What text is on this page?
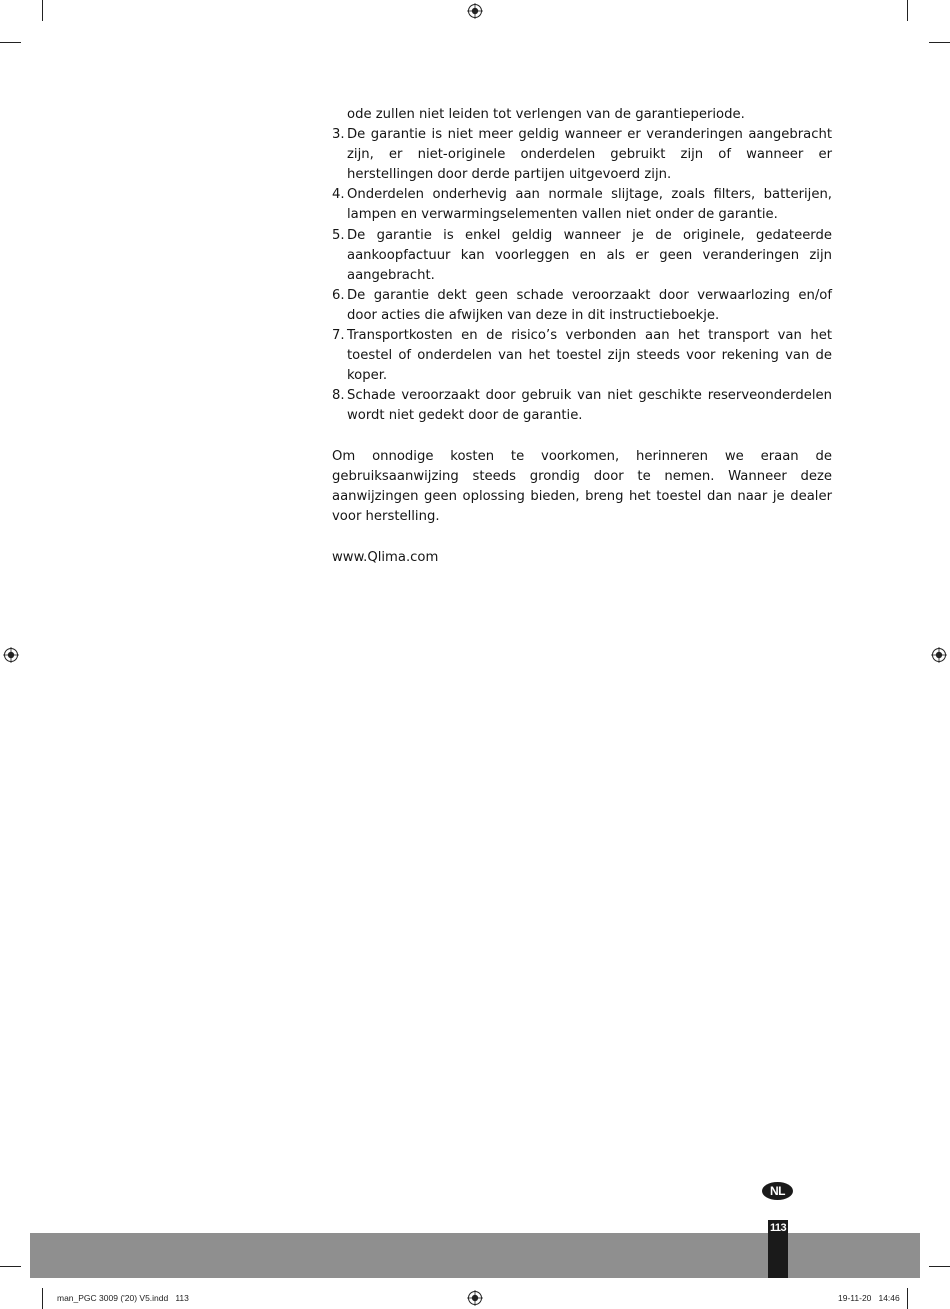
ode zullen niet leiden tot verlengen van de garantieperiode.

3. De garantie is niet meer geldig wanneer er veranderingen aangebracht zijn, er niet-originele onderdelen gebruikt zijn of wanneer er herstellingen door derde partijen uitgevoerd zijn.
4. Onderdelen onderhevig aan normale slijtage, zoals filters, batterijen, lampen en verwarmingselementen vallen niet onder de garantie.
5. De garantie is enkel geldig wanneer je de originele, gedateerde aankoopfactuur kan voorleggen en als er geen veranderingen zijn aangebracht.
6. De garantie dekt geen schade veroorzaakt door verwaarlozing en/of door acties die afwijken van deze in dit instructieboekje.
7. Transportkosten en de risico’s verbonden aan het transport van het toestel of onderdelen van het toestel zijn steeds voor rekening van de koper.
8. Schade veroorzaakt door gebruik van niet geschikte reserveonderdelen wordt niet gedekt door de garantie.

Om onnodige kosten te voorkomen, herinneren we eraan de gebruiksaanwijzing steeds grondig door te nemen. Wanneer deze aanwijzingen geen oplossing bieden, breng het toestel dan naar je dealer voor herstelling.

www.Qlima.com

NL
113
man_PGC 3009 ('20) V5.indd   113	19-11-20   14:46
